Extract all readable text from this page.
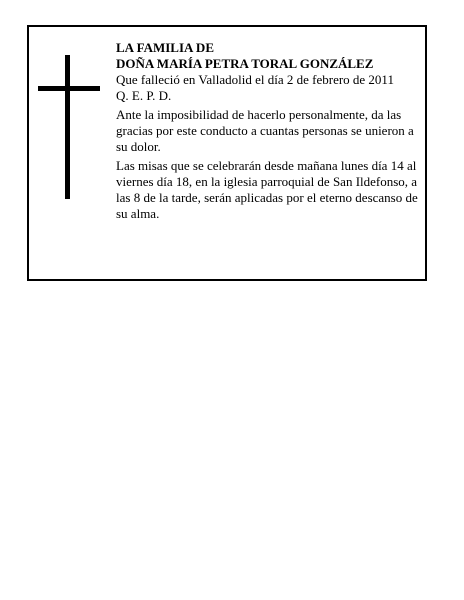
LA FAMILIA DE

DOÑA MARÍA PETRA TORAL GONZÁLEZ

Que falleció en Valladolid el día 2 de febrero de 2011

Q. E. P. D.

Ante la imposibilidad de hacerlo personalmente, da las gracias por este conducto a cuantas personas se unieron a su dolor.

Las misas que se celebrarán desde mañana lunes día 14 al viernes día 18, en la iglesia parroquial de San Ildefonso, a las 8 de la tarde, serán aplicadas por el eterno descanso de su alma.
